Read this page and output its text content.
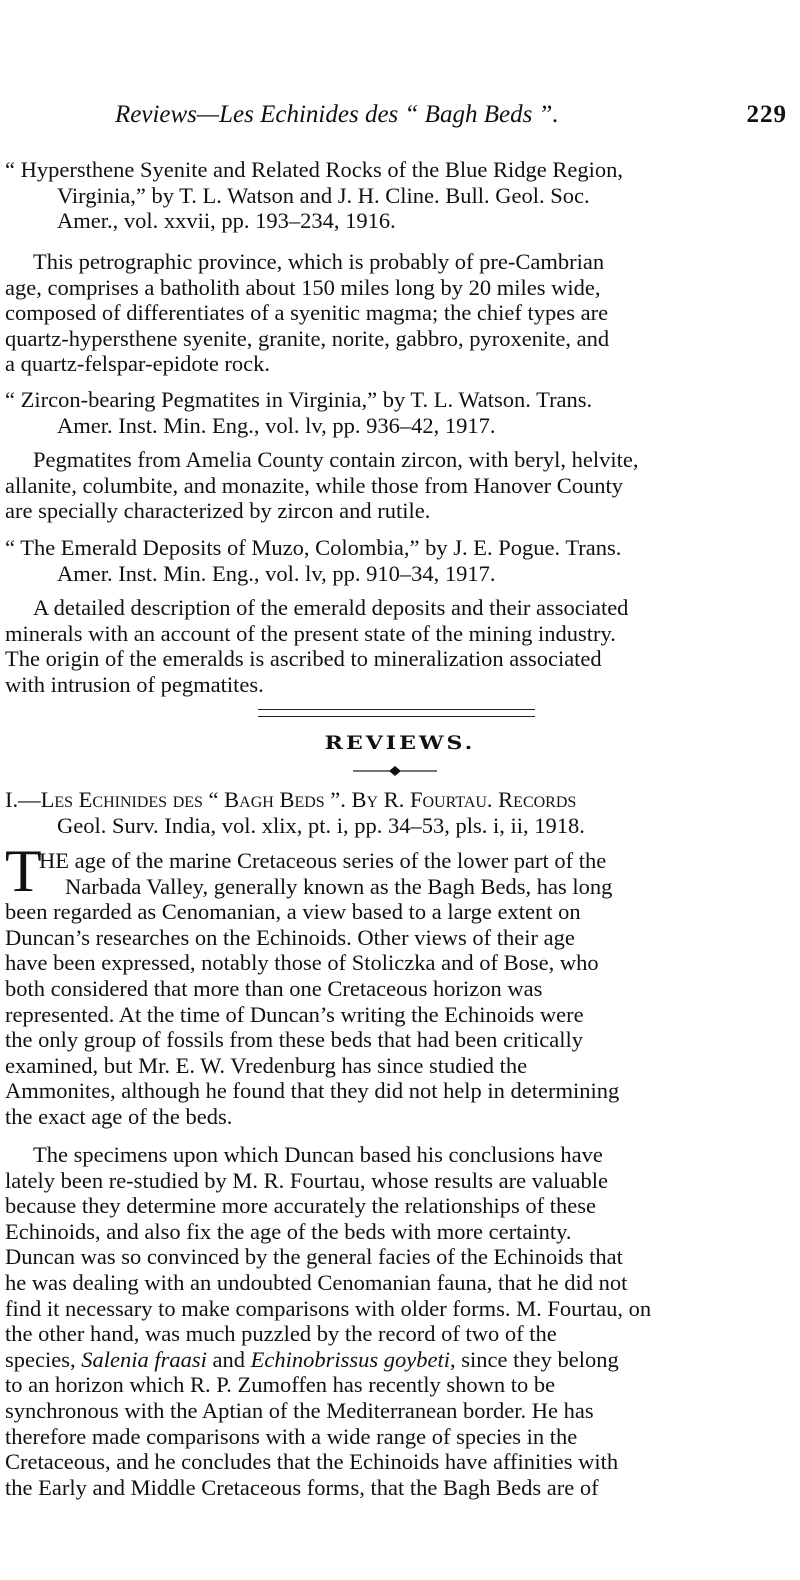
Reviews—Les Echinides des “ Bagh Beds ”.	229
“ Hypersthene Syenite and Related Rocks of the Blue Ridge Region,
Virginia,” by T. L. Watson and J. H. Cline. Bull. Geol. Soc.
Amer., vol. xxvii, pp. 193–234, 1916.
This petrographic province, which is probably of pre-Cambrian
age, comprises a batholith about 150 miles long by 20 miles wide,
composed of differentiates of a syenitic magma; the chief types are
quartz-hypersthene syenite, granite, norite, gabbro, pyroxenite, and
a quartz-felspar-epidote rock.
“ Zircon-bearing Pegmatites in Virginia,” by T. L. Watson. Trans.
Amer. Inst. Min. Eng., vol. lv, pp. 936–42, 1917.
Pegmatites from Amelia County contain zircon, with beryl, helvite,
allanite, columbite, and monazite, while those from Hanover County
are specially characterized by zircon and rutile.
“ The Emerald Deposits of Muzo, Colombia,” by J. E. Pogue. Trans.
Amer. Inst. Min. Eng., vol. lv, pp. 910–34, 1917.
A detailed description of the emerald deposits and their associated
minerals with an account of the present state of the mining industry.
The origin of the emeralds is ascribed to mineralization associated
with intrusion of pegmatites.
REVIEWS.
I.—Les Echinides des “ Bagh Beds ”. By R. Fourtau. Records
Geol. Surv. India, vol. xlix, pt. i, pp. 34–53, pls. i, ii, 1918.
T
HE age of the marine Cretaceous series of the lower part of the
Narbada Valley, generally known as the Bagh Beds, has long
been regarded as Cenomanian, a view based to a large extent on
Duncan’s researches on the Echinoids. Other views of their age
have been expressed, notably those of Stoliczka and of Bose, who
both considered that more than one Cretaceous horizon was
represented. At the time of Duncan’s writing the Echinoids were
the only group of fossils from these beds that had been critically
examined, but Mr. E. W. Vredenburg has since studied the
Ammonites, although he found that they did not help in determining
the exact age of the beds.
The specimens upon which Duncan based his conclusions have
lately been re-studied by M. R. Fourtau, whose results are valuable
because they determine more accurately the relationships of these
Echinoids, and also fix the age of the beds with more certainty.
Duncan was so convinced by the general facies of the Echinoids that
he was dealing with an undoubted Cenomanian fauna, that he did not
find it necessary to make comparisons with older forms. M. Fourtau, on
the other hand, was much puzzled by the record of two of the
species, Salenia fraasi and Echinobrissus goybeti, since they belong
to an horizon which R. P. Zumoffen has recently shown to be
synchronous with the Aptian of the Mediterranean border. He has
therefore made comparisons with a wide range of species in the
Cretaceous, and he concludes that the Echinoids have affinities with
the Early and Middle Cretaceous forms, that the Bagh Beds are of
